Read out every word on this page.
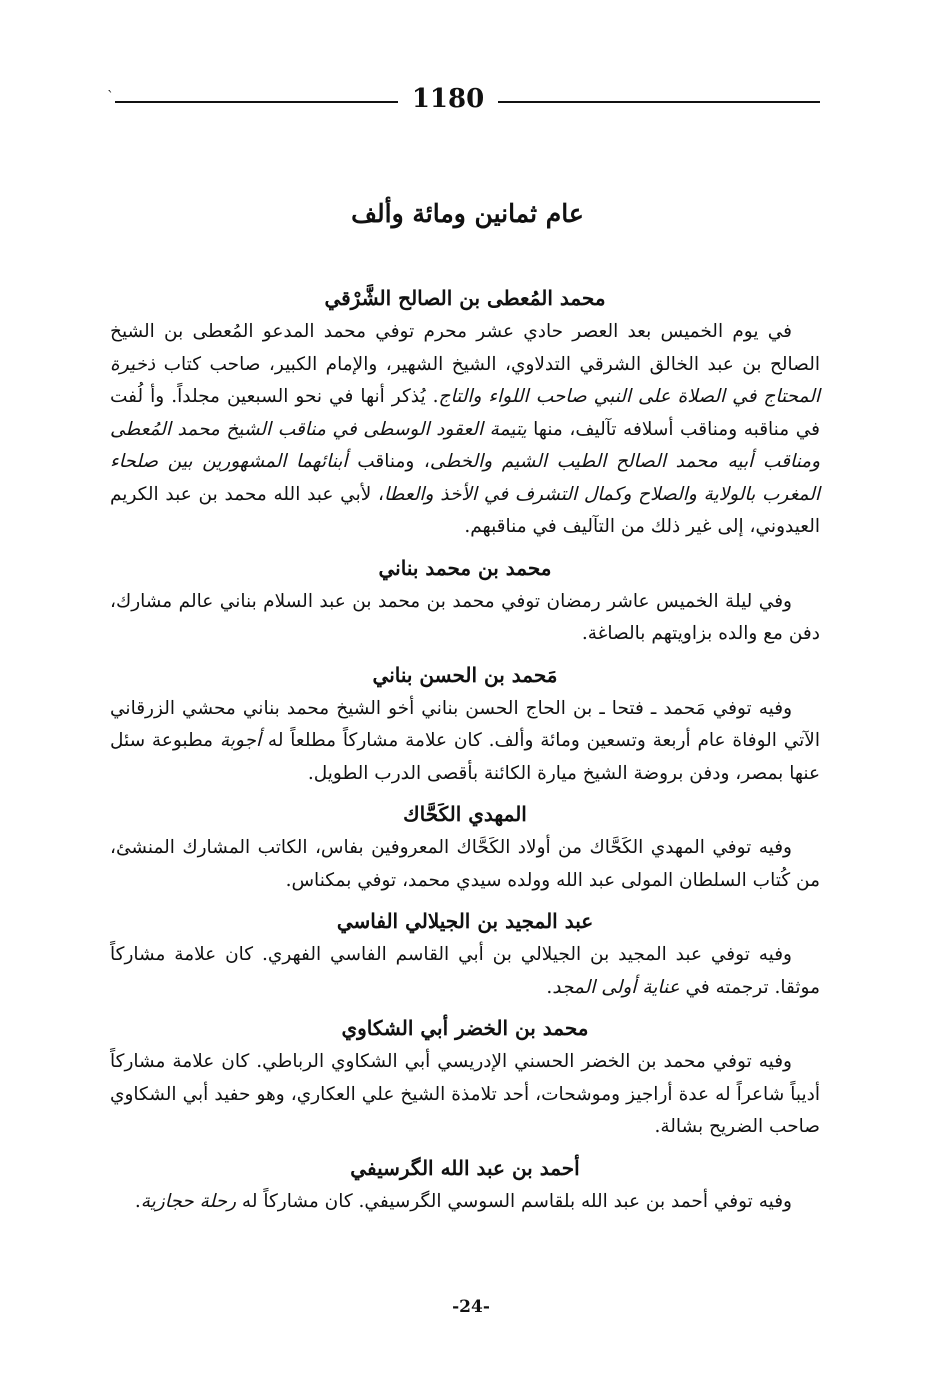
`	1180
عام ثمانين ومائة وألف
محمد المُعطى بن الصالح الشَّرْقي

في يوم الخميس بعد العصر حادي عشر محرم توفي محمد المدعو المُعطى بن الشيخ الصالح بن عبد الخالق الشرقي التدلاوي، الشيخ الشهير، والإمام الكبير، صاحب كتاب ذخيرة المحتاج في الصلاة على النبي صاحب اللواء والتاج. يُذكر أنها في نحو السبعين مجلداً. وأ لُفت في مناقبه ومناقب أسلافه تآليف، منها يتيمة العقود الوسطى في مناقب الشيخ محمد المُعطى ومناقب أبيه محمد الصالح الطيب الشيم والخطى، ومناقب أبنائهما المشهورين بين صلحاء المغرب بالولاية والصلاح وكمال التشرف في الأخذ والعطا، لأبي عبد الله محمد بن عبد الكريم العيدوني، إلى غير ذلك من التآليف في مناقبهم.

محمد بن محمد بناني

وفي ليلة الخميس عاشر رمضان توفي محمد بن محمد بن عبد السلام بناني عالم مشارك، دفن مع والده بزاويتهم بالصاغة.

مَحمد بن الحسن بناني

وفيه توفي مَحمد ـ فتحا ـ بن الحاج الحسن بناني أخو الشيخ محمد بناني محشي الزرقاني الآتي الوفاة عام أربعة وتسعين ومائة وألف. كان علامة مشاركاً مطلعاً له أجوبة مطبوعة سئل عنها بمصر، ودفن بروضة الشيخ ميارة الكائنة بأقصى الدرب الطويل.

المهدي الكَحَّاك

وفيه توفي المهدي الكَحَّاك من أولاد الكَحَّاك المعروفين بفاس، الكاتب المشارك المنشئ، من كُتاب السلطان المولى عبد الله وولده سيدي محمد، توفي بمكناس.

عبد المجيد بن الجيلالي الفاسي

وفيه توفي عبد المجيد بن الجيلالي بن أبي القاسم الفاسي الفهري. كان علامة مشاركاً موثقا. ترجمته في عناية أولى المجد.

محمد بن الخضر أبي الشكاوي

وفيه توفي محمد بن الخضر الحسني الإدريسي أبي الشكاوي الرباطي. كان علامة مشاركاً أديباً شاعراً له عدة أراجيز وموشحات، أحد تلامذة الشيخ علي العكاري، وهو حفيد أبي الشكاوي صاحب الضريح بشالة.

أحمد بن عبد الله الگرسيفي

وفيه توفي أحمد بن عبد الله بلقاسم السوسي الگرسيفي. كان مشاركاً له رحلة حجازية.

-24-
